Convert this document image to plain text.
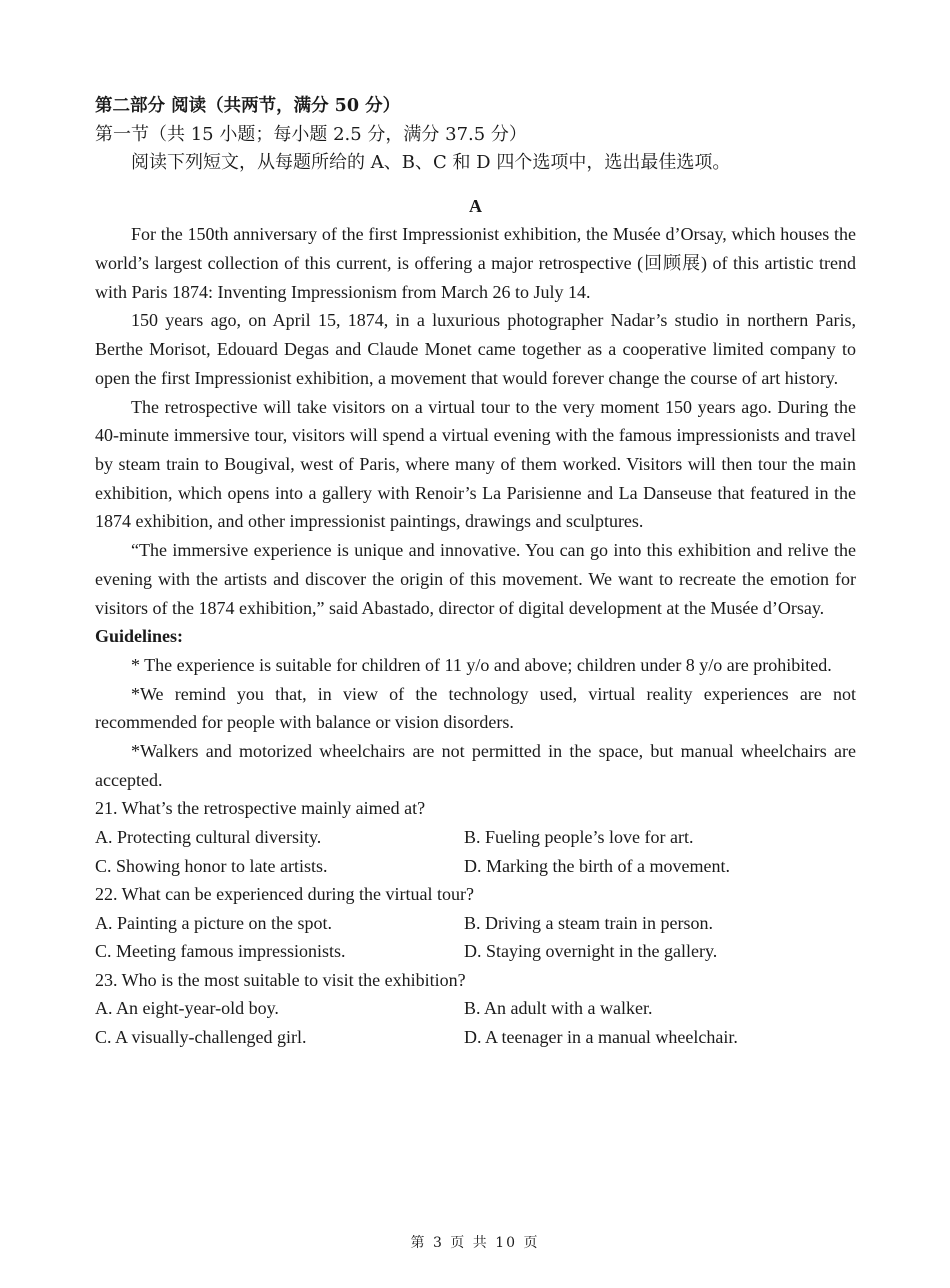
第二部分 阅读（共两节，满分 50 分）
第一节（共 15 小题；每小题 2.5 分，满分 37.5 分）
阅读下列短文，从每题所给的 A、B、C 和 D 四个选项中，选出最佳选项。
A

For the 150th anniversary of the first Impressionist exhibition, the Musée d’Orsay, which houses the world’s largest collection of this current, is offering a major retrospective (回顾展) of this artistic trend with Paris 1874: Inventing Impressionism from March 26 to July 14.

150 years ago, on April 15, 1874, in a luxurious photographer Nadar’s studio in northern Paris, Berthe Morisot, Edouard Degas and Claude Monet came together as a cooperative limited company to open the first Impressionist exhibition, a movement that would forever change the course of art history.

The retrospective will take visitors on a virtual tour to the very moment 150 years ago. During the 40-minute immersive tour, visitors will spend a virtual evening with the famous impressionists and travel by steam train to Bougival, west of Paris, where many of them worked. Visitors will then tour the main exhibition, which opens into a gallery with Renoir’s La Parisienne and La Danseuse that featured in the 1874 exhibition, and other impressionist paintings, drawings and sculptures.

“The immersive experience is unique and innovative. You can go into this exhibition and relive the evening with the artists and discover the origin of this movement. We want to recreate the emotion for visitors of the 1874 exhibition,” said Abastado, director of digital development at the Musée d’Orsay.

Guidelines:

* The experience is suitable for children of 11 y/o and above; children under 8 y/o are prohibited.

*We remind you that, in view of the technology used, virtual reality experiences are not recommended for people with balance or vision disorders.

*Walkers and motorized wheelchairs are not permitted in the space, but manual wheelchairs are accepted.

21. What’s the retrospective mainly aimed at?
A. Protecting cultural diversity.	B. Fueling people’s love for art.
C. Showing honor to late artists.	D. Marking the birth of a movement.
22. What can be experienced during the virtual tour?
A. Painting a picture on the spot.	B. Driving a steam train in person.
C. Meeting famous impressionists.	D. Staying overnight in the gallery.
23. Who is the most suitable to visit the exhibition?
A. An eight-year-old boy.	B. An adult with a walker.
C. A visually-challenged girl.	D. A teenager in a manual wheelchair.
第 3 页 共 10 页
